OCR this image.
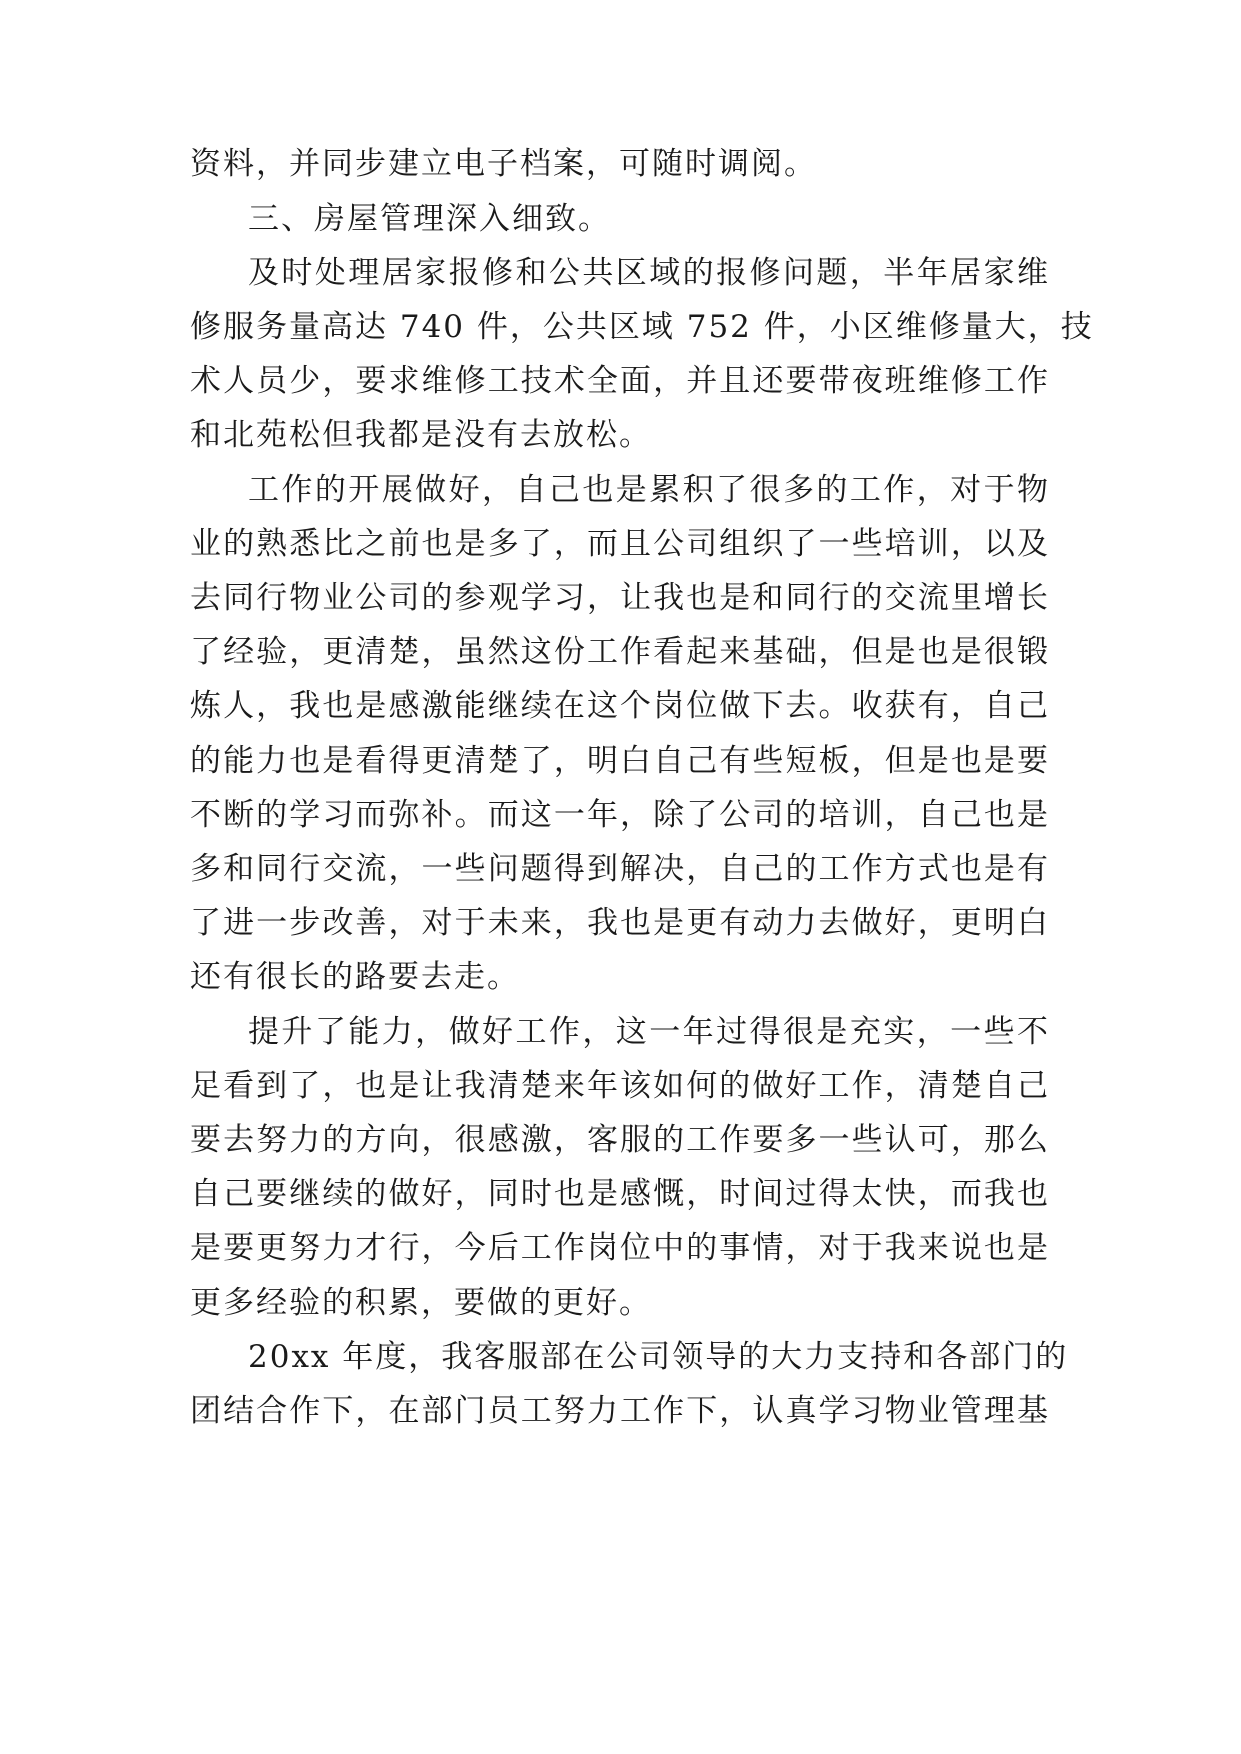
资料，并同步建立电子档案，可随时调阅。
三、房屋管理深入细致。
及时处理居家报修和公共区域的报修问题，半年居家维
修服务量高达 740 件，公共区域 752 件，小区维修量大，技
术人员少，要求维修工技术全面，并且还要带夜班维修工作
和北苑松但我都是没有去放松。
工作的开展做好，自己也是累积了很多的工作，对于物
业的熟悉比之前也是多了，而且公司组织了一些培训，以及
去同行物业公司的参观学习，让我也是和同行的交流里增长
了经验，更清楚，虽然这份工作看起来基础，但是也是很锻
炼人，我也是感激能继续在这个岗位做下去。收获有，自己
的能力也是看得更清楚了，明白自己有些短板，但是也是要
不断的学习而弥补。而这一年，除了公司的培训，自己也是
多和同行交流，一些问题得到解决，自己的工作方式也是有
了进一步改善，对于未来，我也是更有动力去做好，更明白
还有很长的路要去走。
提升了能力，做好工作，这一年过得很是充实，一些不
足看到了，也是让我清楚来年该如何的做好工作，清楚自己
要去努力的方向，很感激，客服的工作要多一些认可，那么
自己要继续的做好，同时也是感慨，时间过得太快，而我也
是要更努力才行，今后工作岗位中的事情，对于我来说也是
更多经验的积累，要做的更好。
20xx 年度，我客服部在公司领导的大力支持和各部门的
团结合作下，在部门员工努力工作下，认真学习物业管理基
